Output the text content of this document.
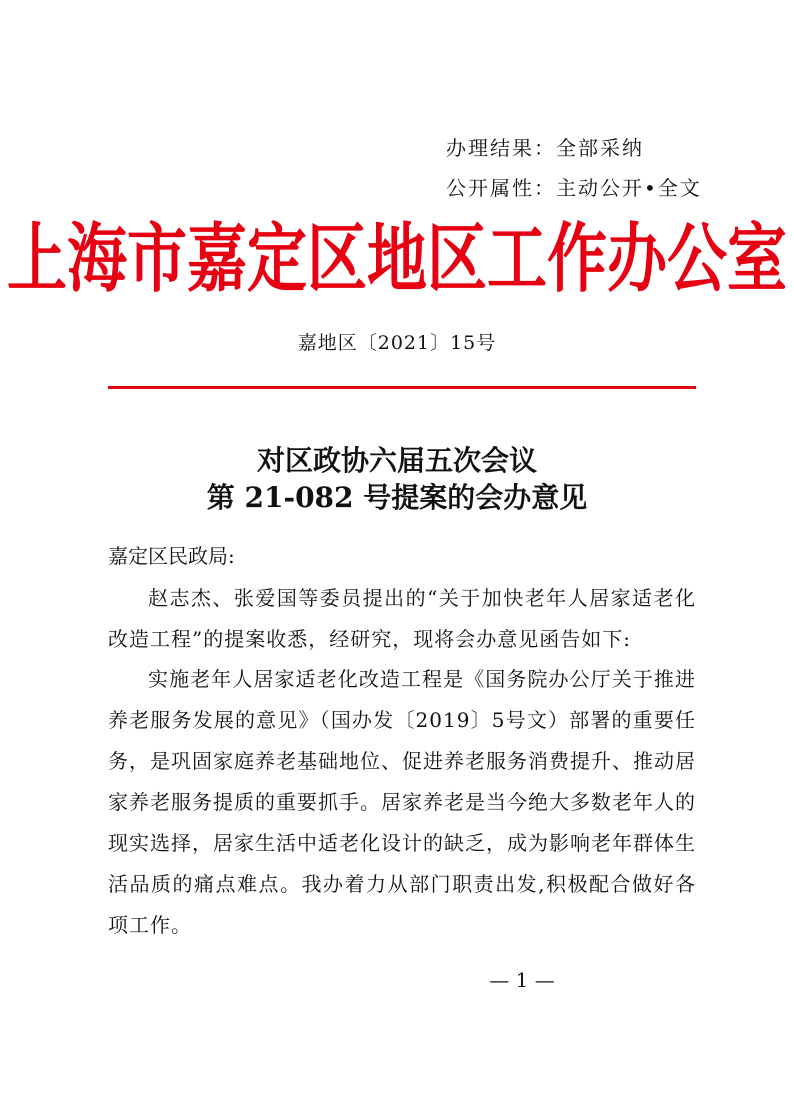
办理结果：全部采纳
公开属性：主动公开•全文
上海市嘉定区地区工作办公室
嘉地区〔2021〕15号
对区政协六届五次会议
第 21-082 号提案的会办意见
嘉定区民政局:
赵志杰、张爱国等委员提出的“关于加快老年人居家适老化改造工程”的提案收悉，经研究，现将会办意见函告如下:
实施老年人居家适老化改造工程是《国务院办公厅关于推进养老服务发展的意见》（国办发〔2019〕5号文）部署的重要任务，是巩固家庭养老基础地位、促进养老服务消费提升、推动居家养老服务提质的重要抓手。居家养老是当今绝大多数老年人的现实选择，居家生活中适老化设计的缺乏，成为影响老年群体生活品质的痛点难点。我办着力从部门职责出发,积极配合做好各项工作。
— 1 —
